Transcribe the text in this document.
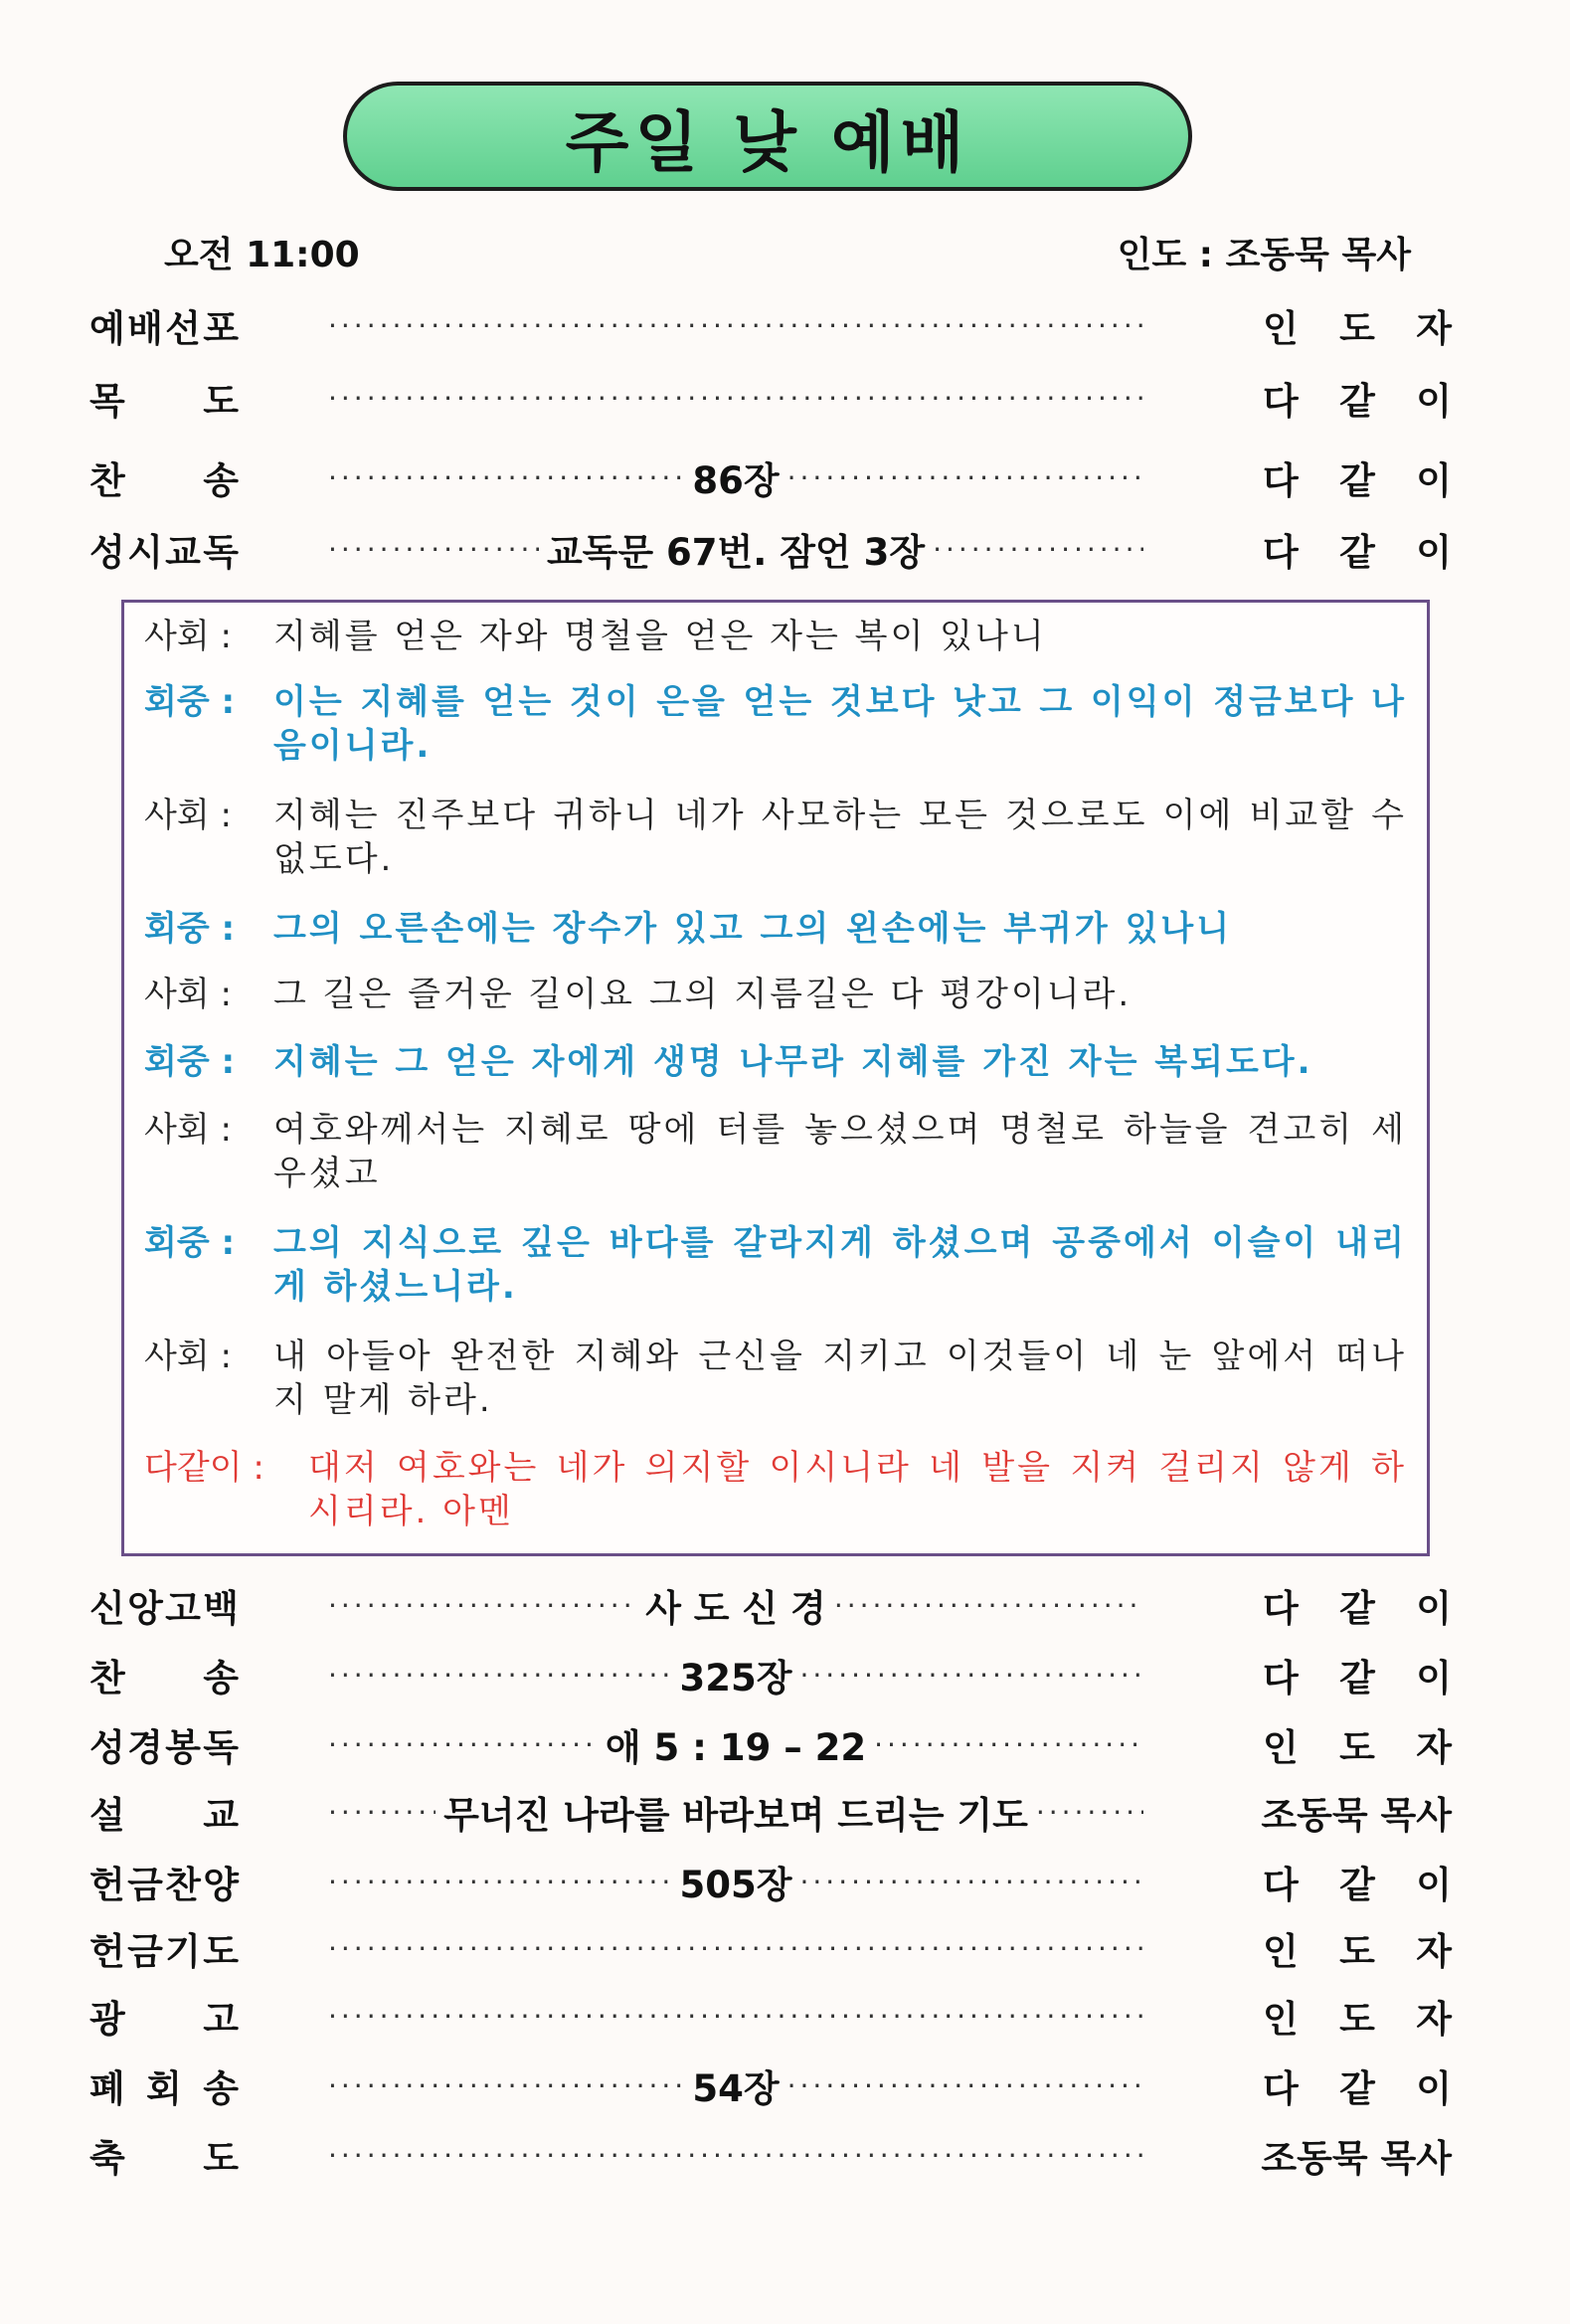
주일 낮 예배
오전 11:00	인도 : 조동묵 목사
예 배 선 포 ·····	인 도 자
목 도 ·····	다 같 이
찬 송 ·····	86장 ·····	다 같 이
성 시 교 독 ·····	교독문 67번. 잠언 3장 ·····	다 같 이
사회 :	지혜를 얻은 자와 명철을 얻은 자는 복이 있나니
회중 :	이는 지혜를 얻는 것이 은을 얻는 것보다 낫고 그 이익이 정금보다 나음이니라.
사회 :	지혜는 진주보다 귀하니 네가 사모하는 모든 것으로도 이에 비교할 수 없도다.
회중 :	그의 오른손에는 장수가 있고 그의 왼손에는 부귀가 있나니
사회 :	그 길은 즐거운 길이요 그의 지름길은 다 평강이니라.
회중 :	지혜는 그 얻은 자에게 생명 나무라 지혜를 가진 자는 복되도다.
사회 :	여호와께서는 지혜로 땅에 터를 놓으셨으며 명철로 하늘을 견고히 세우셨고
회중 :	그의 지식으로 깊은 바다를 갈라지게 하셨으며 공중에서 이슬이 내리게 하셨느니라.
사회 :	내 아들아 완전한 지혜와 근신을 지키고 이것들이 네 눈 앞에서 떠나지 말게 하라.
다같이 :	대저 여호와는 네가 의지할 이시니라 네 발을 지켜 걸리지 않게 하시리라. 아멘
신 앙 고 백 ·····	사 도 신 경 ·····	다 같 이
찬 송 ·····	325장 ·····	다 같 이
성 경 봉 독 ·····	애 5 : 19 – 22 ·····	인 도 자
설 교 ·····	무너진 나라를 바라보며 드리는 기도 ·····	조동묵 목사
헌 금 찬 양 ·····	505장 ·····	다 같 이
헌 금 기 도 ·····	인 도 자
광 고 ·····	인 도 자
폐 회 송 ·····	54장 ·····	다 같 이
축 도 ·····	조동묵 목사
